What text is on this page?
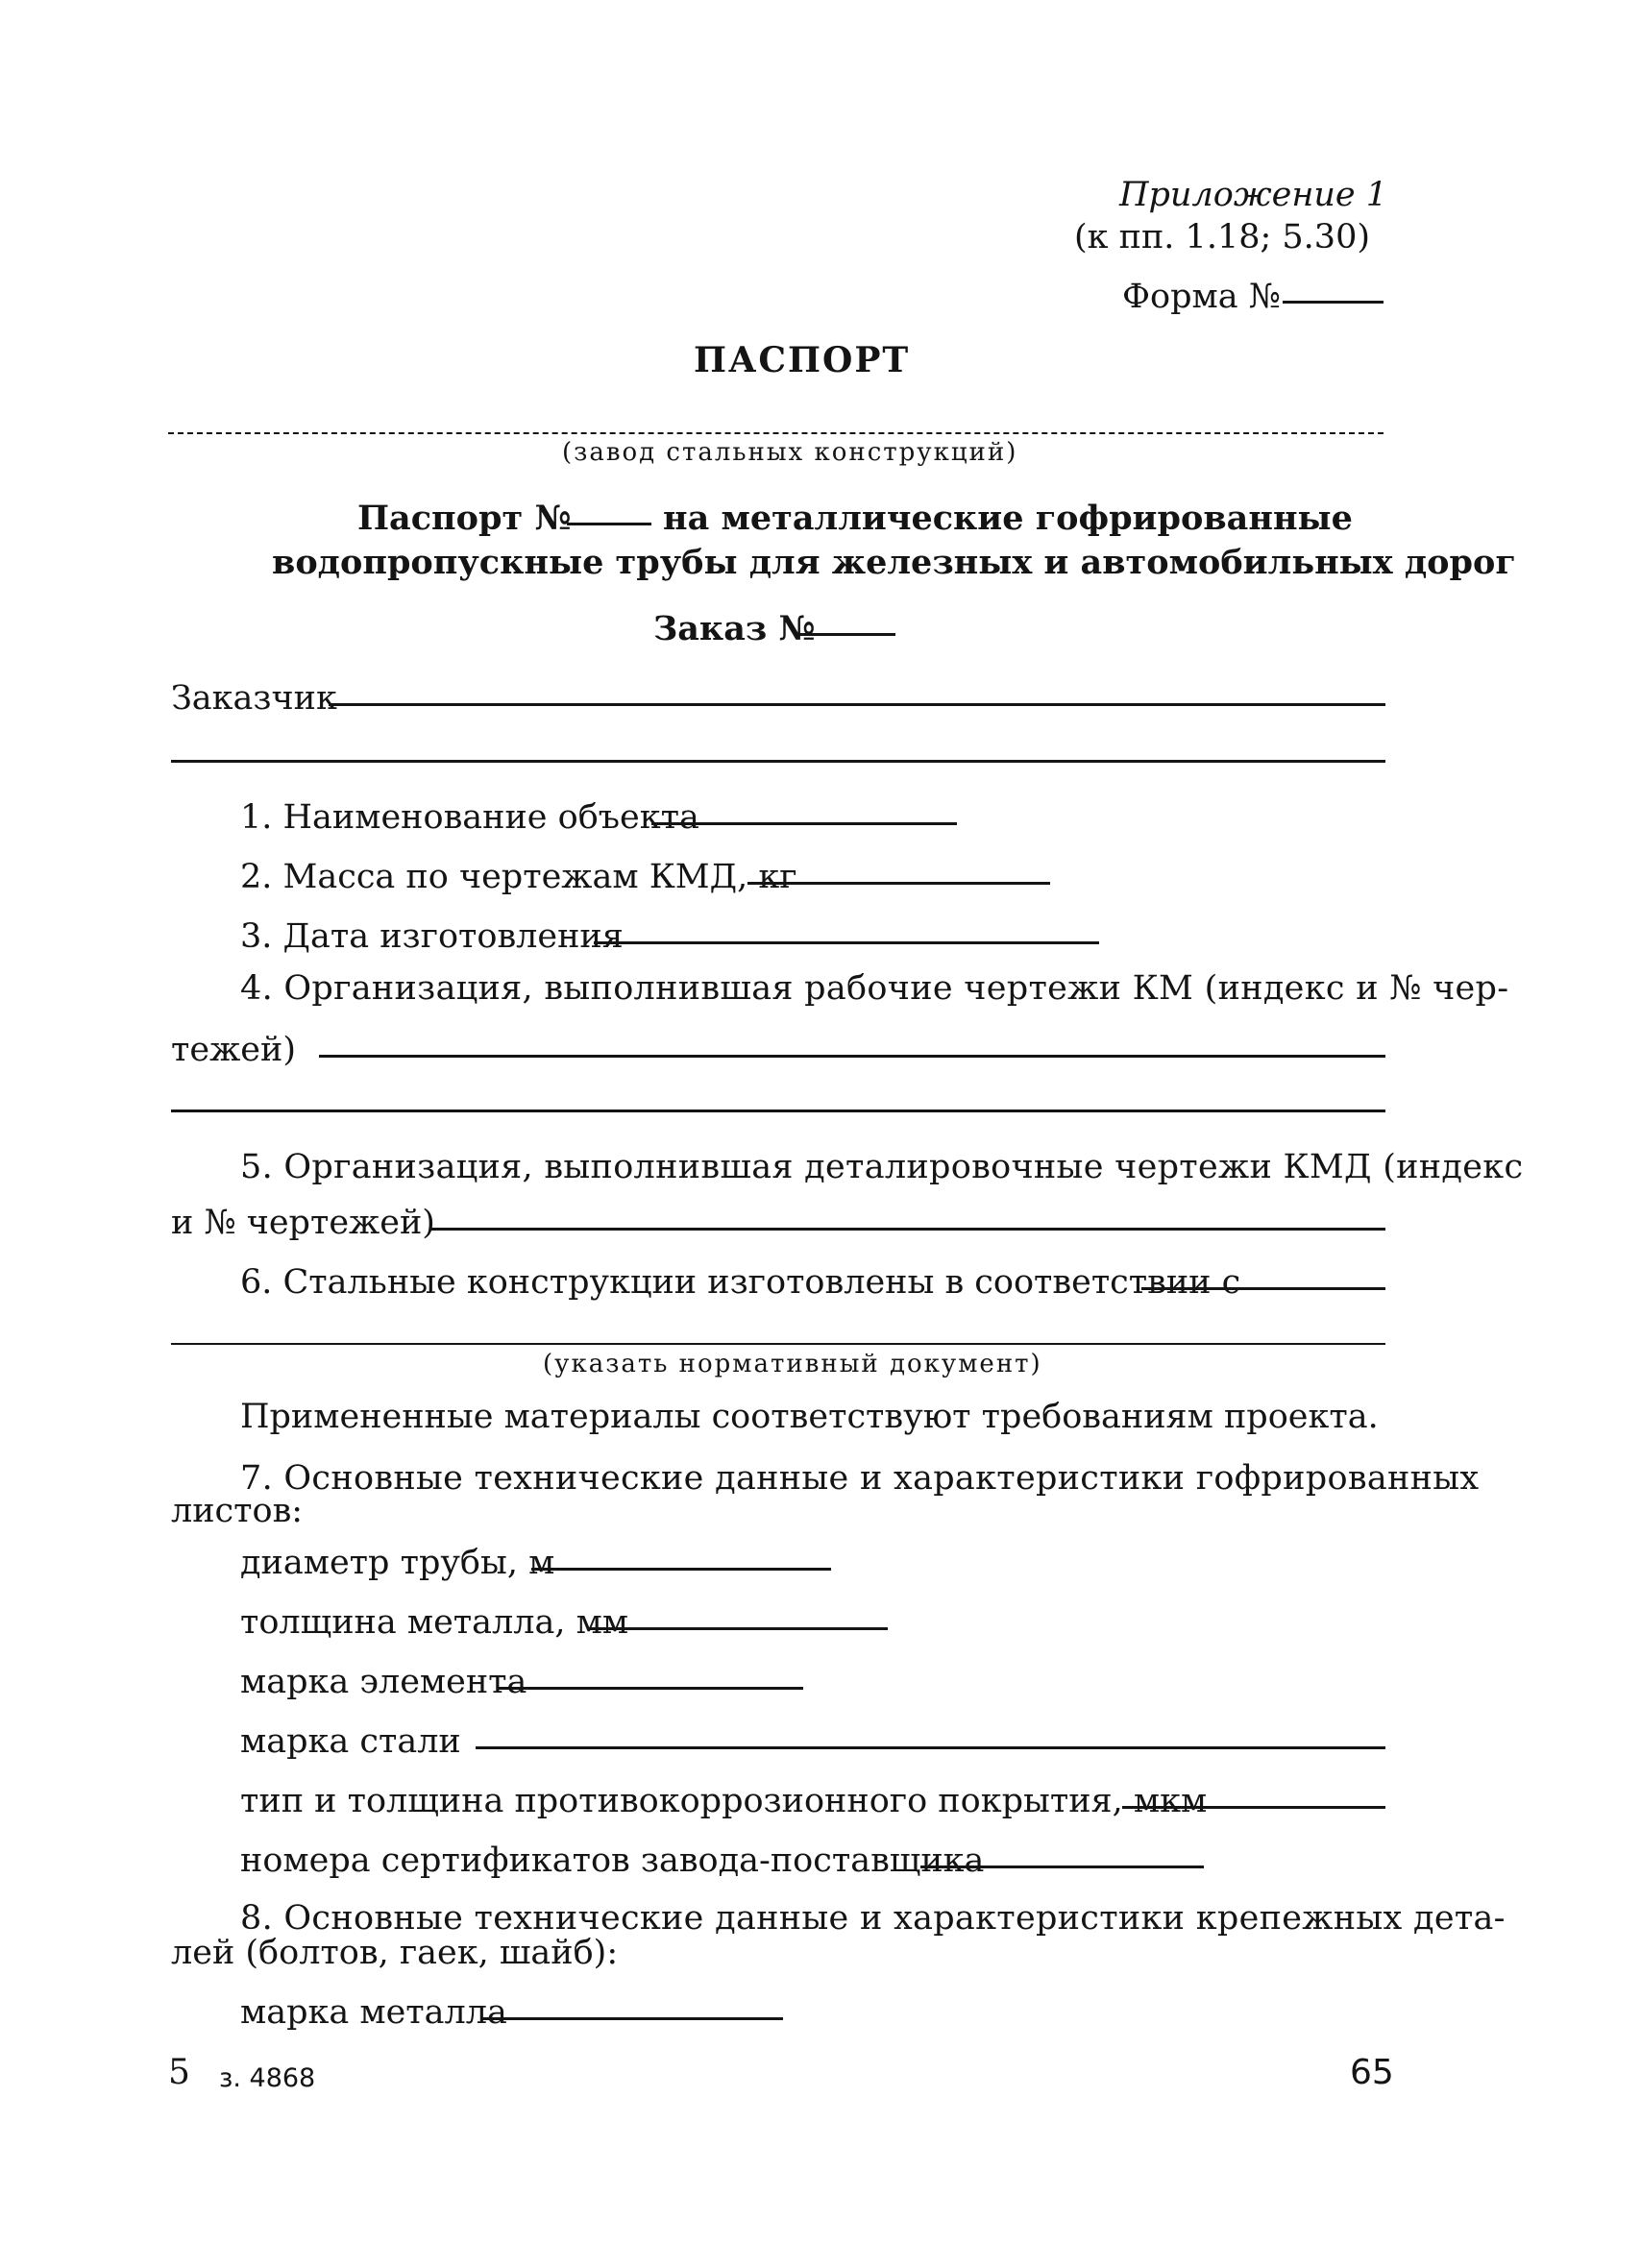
Приложение 1
(к пп. 1.18; 5.30)
Форма №
ПАСПОРТ
(завод стальных конструкций)
Паспорт №	на металлические гофрированные
водопропускные трубы для железных и автомобильных дорог
Заказ №
Заказчик
1. Наименование объекта
2. Масса по чертежам КМД, кг
3. Дата изготовления
4. Организация, выполнившая рабочие чертежи КМ (индекс и № чер-
тежей)
5. Организация, выполнившая деталировочные чертежи КМД (индекс
и № чертежей)
6. Стальные конструкции изготовлены в соответствии с
(указать нормативный документ)
Примененные материалы соответствуют требованиям проекта.
7. Основные технические данные и характеристики гофрированных
листов:
диаметр трубы, м
толщина металла, мм
марка элемента
марка стали
тип и толщина противокоррозионного покрытия, мкм
номера сертификатов завода-поставщика
8. Основные технические данные и характеристики крепежных дета-
лей (болтов, гаек, шайб):
марка металла
5 з. 4868	65
